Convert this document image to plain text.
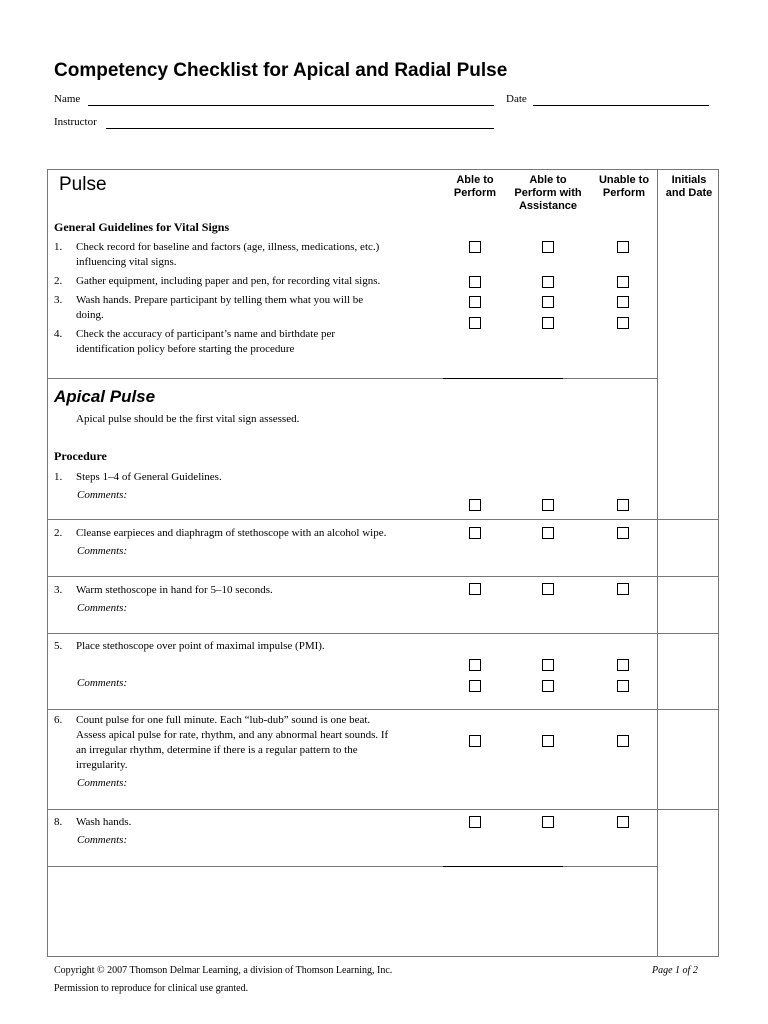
Competency Checklist for Apical and Radial Pulse
Name	Date
Instructor
Able to
Perform
Able to
Perform with
Assistance
Unable to
Perform
Initials
and Date
Pulse
General Guidelines for Vital Signs
1. Check record for baseline and factors (age, illness, medications, etc.)
influencing vital signs.
2. Gather equipment, including paper and pen, for recording vital signs.
3. Wash hands. Prepare participant by telling them what you will be
doing.
4. Check the accuracy of participant’s name and birthdate per
identification policy before starting the procedure
Apical Pulse
Apical pulse should be the first vital sign assessed.
Procedure
1. Steps 1–4 of General Guidelines.
Comments:
2. Cleanse earpieces and diaphragm of stethoscope with an alcohol wipe.
Comments:
3. Warm stethoscope in hand for 5–10 seconds.
Comments:
5. Place stethoscope over point of maximal impulse (PMI).
Comments:
6. Count pulse for one full minute. Each “lub-dub” sound is one beat.
Assess apical pulse for rate, rhythm, and any abnormal heart sounds. If
an irregular rhythm, determine if there is a regular pattern to the
irregularity.
Comments:
8. Wash hands.
Comments:
Copyright © 2007 Thomson Delmar Learning, a division of Thomson Learning, Inc.
Permission to reproduce for clinical use granted.
Page 1 of 2
